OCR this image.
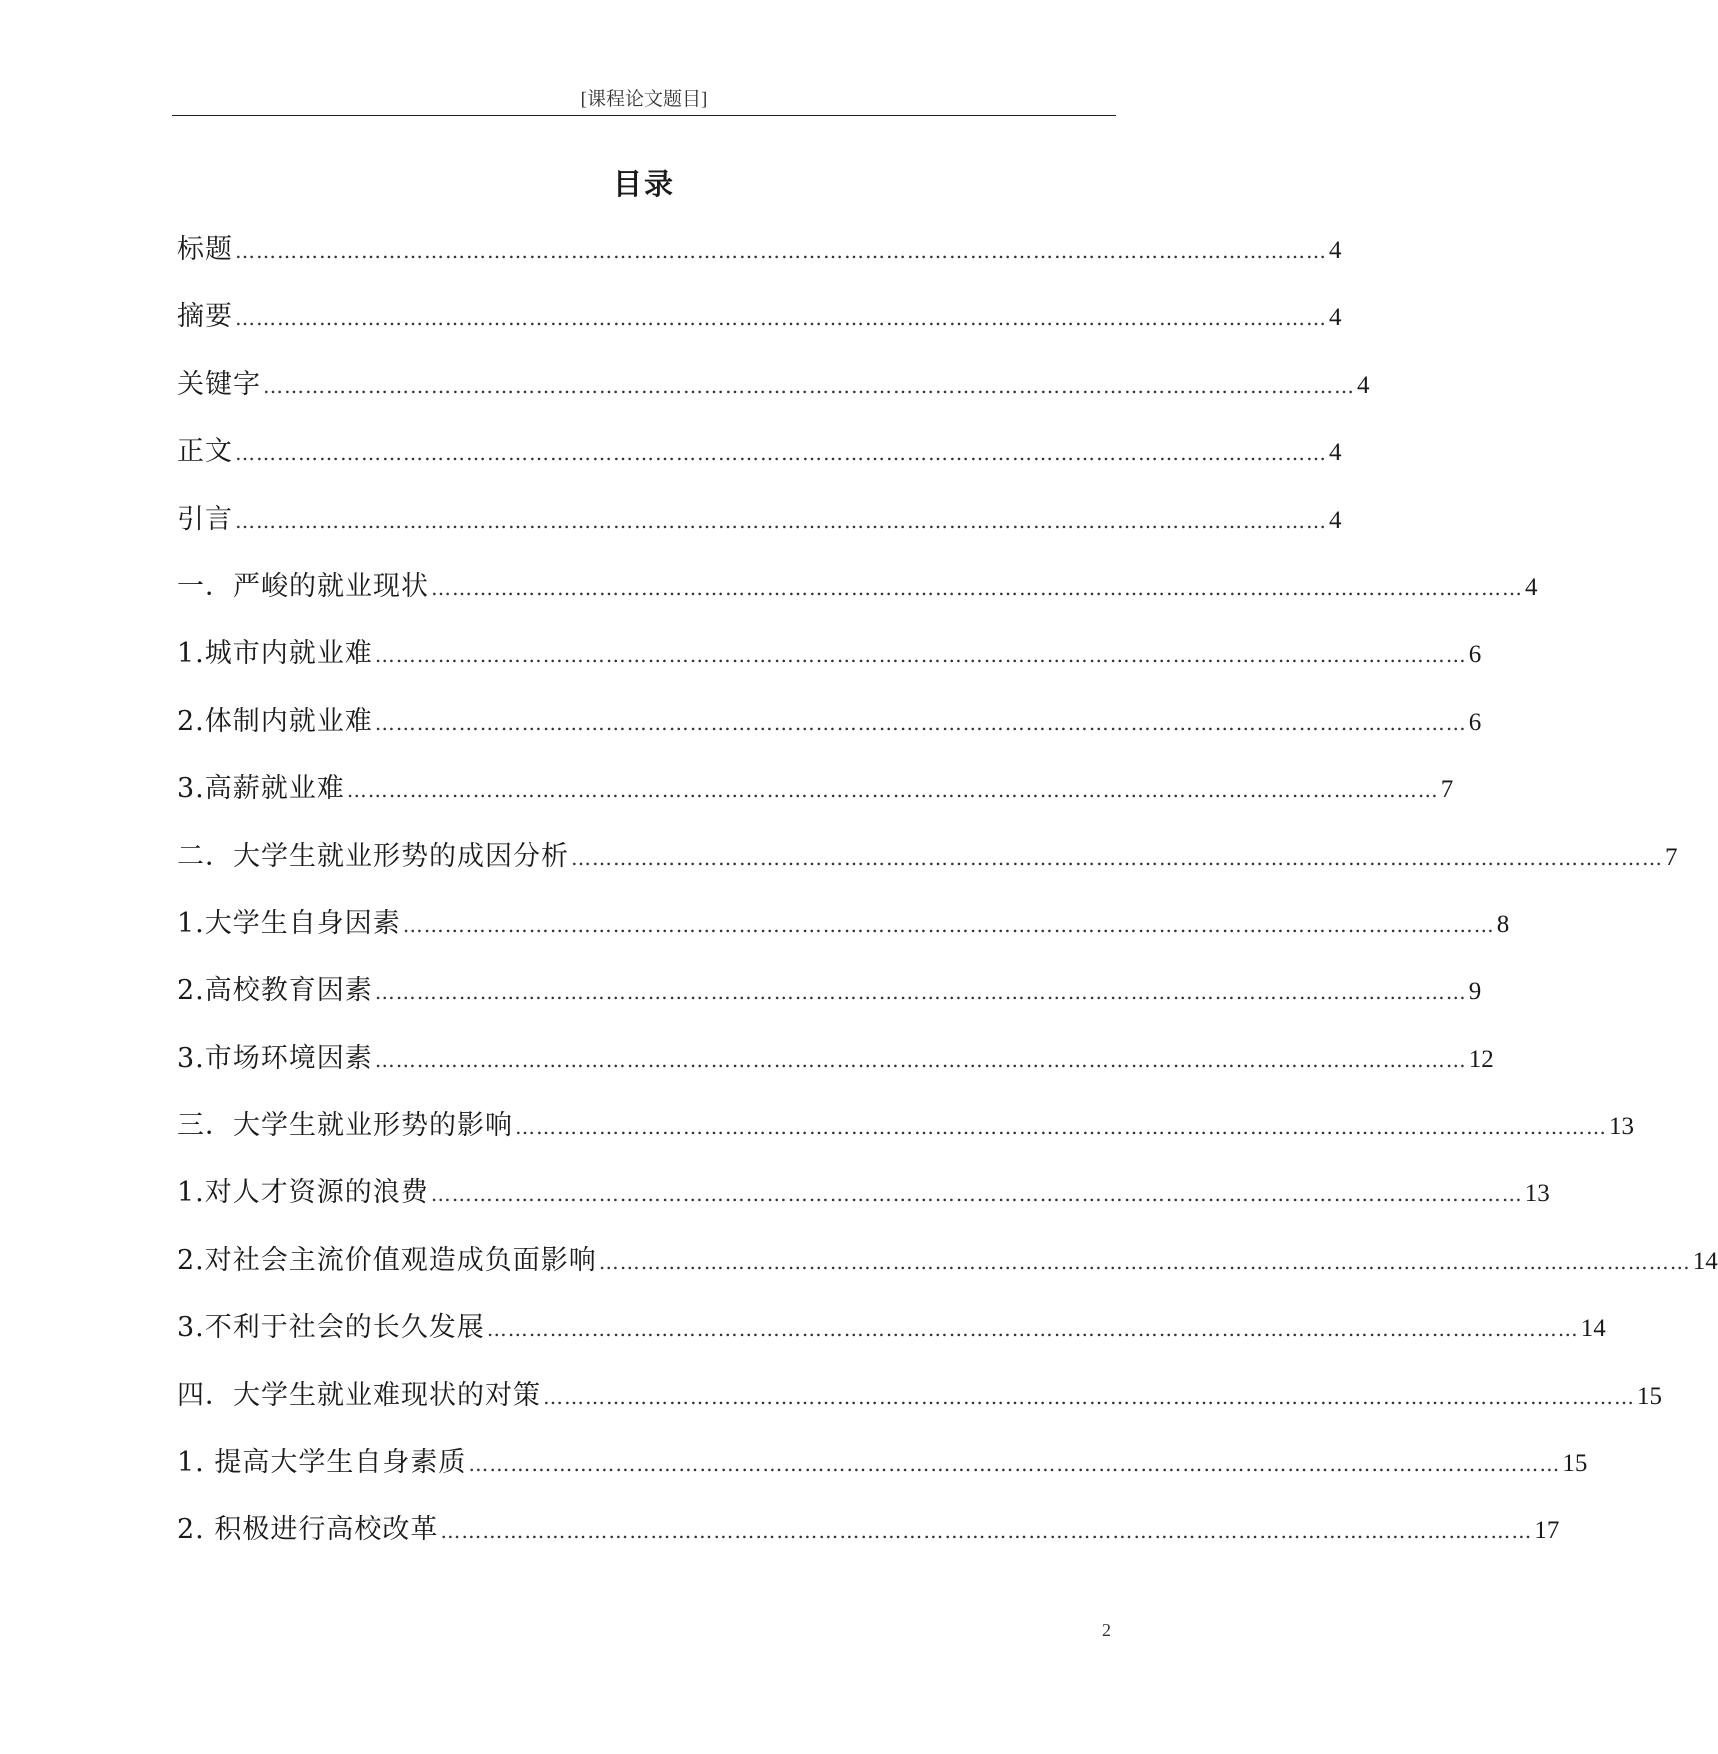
[课程论文题目]
目录
标题 ………………………………………………………………………………………………………………………………………… 4
摘要 ………………………………………………………………………………………………………………………………………… 4
关键字 ………………………………………………………………………………………………………………………………………… 4
正文 ………………………………………………………………………………………………………………………………………… 4
引言 ………………………………………………………………………………………………………………………………………… 4
一．严峻的就业现状 ………………………………………………………………………………………………………………………………………… 4
1.城市内就业难 ………………………………………………………………………………………………………………………………………… 6
2.体制内就业难 ………………………………………………………………………………………………………………………………………… 6
3.高薪就业难 ………………………………………………………………………………………………………………………………………… 7
二．大学生就业形势的成因分析 ………………………………………………………………………………………………………………………………………… 7
1.大学生自身因素 ………………………………………………………………………………………………………………………………………… 8
2.高校教育因素 ………………………………………………………………………………………………………………………………………… 9
3.市场环境因素 ………………………………………………………………………………………………………………………………………… 12
三．大学生就业形势的影响 ………………………………………………………………………………………………………………………………………… 13
1.对人才资源的浪费 ………………………………………………………………………………………………………………………………………… 13
2.对社会主流价值观造成负面影响 ………………………………………………………………………………………………………………………………………… 14
3.不利于社会的长久发展 ………………………………………………………………………………………………………………………………………… 14
四．大学生就业难现状的对策 ………………………………………………………………………………………………………………………………………… 15
1. 提高大学生自身素质 ………………………………………………………………………………………………………………………………………… 15
2. 积极进行高校改革 ………………………………………………………………………………………………………………………………………… 17
2
